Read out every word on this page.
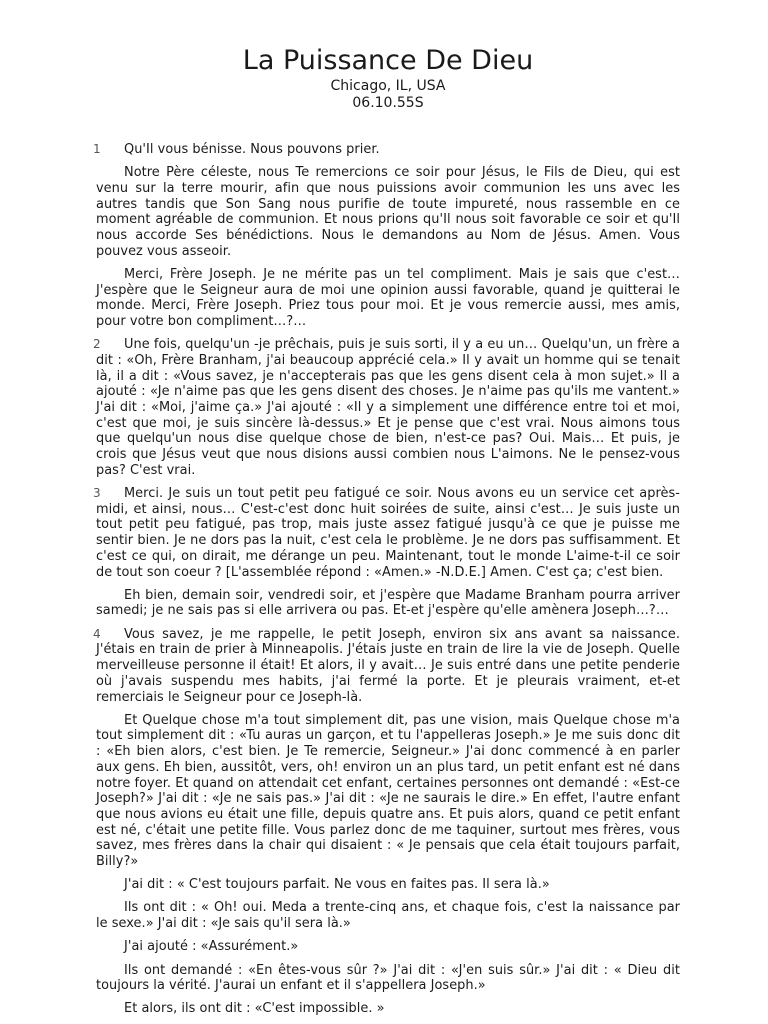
La Puissance De Dieu
Chicago, IL, USA
06.10.55S

1 Qu'Il vous bénisse. Nous pouvons prier.

Notre Père céleste, nous Te remercions ce soir pour Jésus, le Fils de Dieu, qui est venu sur la terre mourir, afin que nous puissions avoir communion les uns avec les autres tandis que Son Sang nous purifie de toute impureté, nous rassemble en ce moment agréable de communion. Et nous prions qu'Il nous soit favorable ce soir et qu'Il nous accorde Ses bénédictions. Nous le demandons au Nom de Jésus. Amen. Vous pouvez vous asseoir.

Merci, Frère Joseph. Je ne mérite pas un tel compliment. Mais je sais que c'est… J'espère que le Seigneur aura de moi une opinion aussi favorable, quand je quitterai le monde. Merci, Frère Joseph. Priez tous pour moi. Et je vous remercie aussi, mes amis, pour votre bon compliment…?…

2 Une fois, quelqu'un -je prêchais, puis je suis sorti, il y a eu un… Quelqu'un, un frère a dit : «Oh, Frère Branham, j'ai beaucoup apprécié cela.» Il y avait un homme qui se tenait là, il a dit : «Vous savez, je n'accepterais pas que les gens disent cela à mon sujet.» Il a ajouté : «Je n'aime pas que les gens disent des choses. Je n'aime pas qu'ils me vantent.» J'ai dit : «Moi, j'aime ça.» J'ai ajouté : «Il y a simplement une différence entre toi et moi, c'est que moi, je suis sincère là-dessus.» Et je pense que c'est vrai. Nous aimons tous que quelqu'un nous dise quelque chose de bien, n'est-ce pas? Oui. Mais… Et puis, je crois que Jésus veut que nous disions aussi combien nous L'aimons. Ne le pensez-vous pas? C'est vrai.

3 Merci. Je suis un tout petit peu fatigué ce soir. Nous avons eu un service cet après-midi, et ainsi, nous… C'est-c'est donc huit soirées de suite, ainsi c'est… Je suis juste un tout petit peu fatigué, pas trop, mais juste assez fatigué jusqu'à ce que je puisse me sentir bien. Je ne dors pas la nuit, c'est cela le problème. Je ne dors pas suffisamment. Et c'est ce qui, on dirait, me dérange un peu. Maintenant, tout le monde L'aime-t-il ce soir de tout son coeur ? [L'assemblée répond : «Amen.» -N.D.E.] Amen. C'est ça; c'est bien.

Eh bien, demain soir, vendredi soir, et j'espère que Madame Branham pourra arriver samedi; je ne sais pas si elle arrivera ou pas. Et-et j'espère qu'elle amènera Joseph…?…

4 Vous savez, je me rappelle, le petit Joseph, environ six ans avant sa naissance. J'étais en train de prier à Minneapolis. J'étais juste en train de lire la vie de Joseph. Quelle merveilleuse personne il était! Et alors, il y avait… Je suis entré dans une petite penderie où j'avais suspendu mes habits, j'ai fermé la porte. Et je pleurais vraiment, et-et remerciais le Seigneur pour ce Joseph-là.

Et Quelque chose m'a tout simplement dit, pas une vision, mais Quelque chose m'a tout simplement dit : «Tu auras un garçon, et tu l'appelleras Joseph.» Je me suis donc dit : «Eh bien alors, c'est bien. Je Te remercie, Seigneur.» J'ai donc commencé à en parler aux gens. Eh bien, aussitôt, vers, oh! environ un an plus tard, un petit enfant est né dans notre foyer. Et quand on attendait cet enfant, certaines personnes ont demandé : «Est-ce Joseph?» J'ai dit : «Je ne sais pas.» J'ai dit : «Je ne saurais le dire.» En effet, l'autre enfant que nous avions eu était une fille, depuis quatre ans. Et puis alors, quand ce petit enfant est né, c'était une petite fille. Vous parlez donc de me taquiner, surtout mes frères, vous savez, mes frères dans la chair qui disaient : « Je pensais que cela était toujours parfait, Billy?»

J'ai dit : « C'est toujours parfait. Ne vous en faites pas. Il sera là.»

Ils ont dit : « Oh! oui. Meda a trente-cinq ans, et chaque fois, c'est la naissance par le sexe.» J'ai dit : «Je sais qu'il sera là.»

J'ai ajouté : «Assurément.»

Ils ont demandé : «En êtes-vous sûr ?» J'ai dit : «J'en suis sûr.» J'ai dit : « Dieu dit toujours la vérité. J'aurai un enfant et il s'appellera Joseph.»

Et alors, ils ont dit : «C'est impossible. »
